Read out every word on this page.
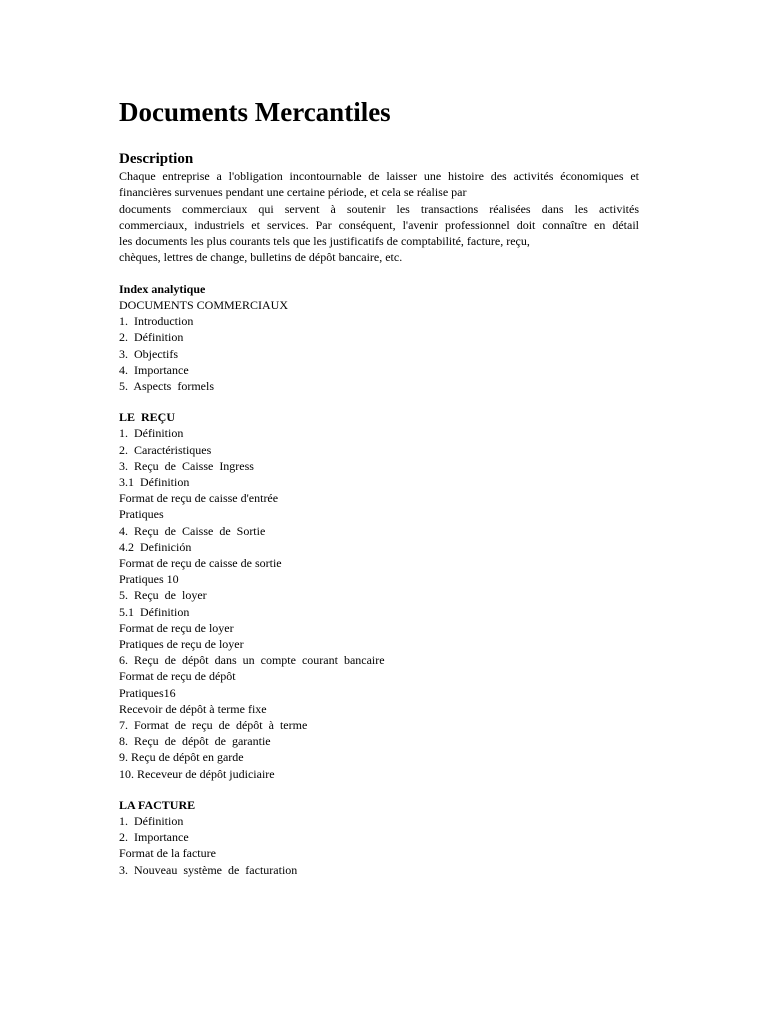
Documents Mercantiles
Description
Chaque entreprise a l'obligation incontournable de laisser une histoire des activités économiques et
financières survenues pendant une certaine période, et cela se réalise par
documents commerciaux qui servent à soutenir les transactions réalisées dans les activités
commerciaux, industriels et services. Par conséquent, l'avenir professionnel doit connaître en détail
les documents les plus courants tels que les justificatifs de comptabilité, facture, reçu,
chèques, lettres de change, bulletins de dépôt bancaire, etc.
Index analytique
DOCUMENTS COMMERCIAUX
1.  Introduction
2.  Définition
3.  Objectifs
4.  Importance
5.  Aspects  formels
LE  REÇU
1.  Définition
2.  Caractéristiques
3.  Reçu  de  Caisse  Ingress
3.1  Définition
Format de reçu de caisse d'entrée
Pratiques
4.  Reçu  de  Caisse  de  Sortie
4.2  Definición
Format de reçu de caisse de sortie
Pratiques 10
5.  Reçu  de  loyer
5.1  Définition
Format de reçu de loyer
Pratiques de reçu de loyer
6.  Reçu  de  dépôt  dans  un  compte  courant  bancaire
Format de reçu de dépôt
Pratiques16
Recevoir de dépôt à terme fixe
7.  Format  de  reçu  de  dépôt  à  terme
8.  Reçu  de  dépôt  de  garantie
9. Reçu de dépôt en garde
10. Receveur de dépôt judiciaire
LA FACTURE
1.  Définition
2.  Importance
Format de la facture
3.  Nouveau  système  de  facturation
